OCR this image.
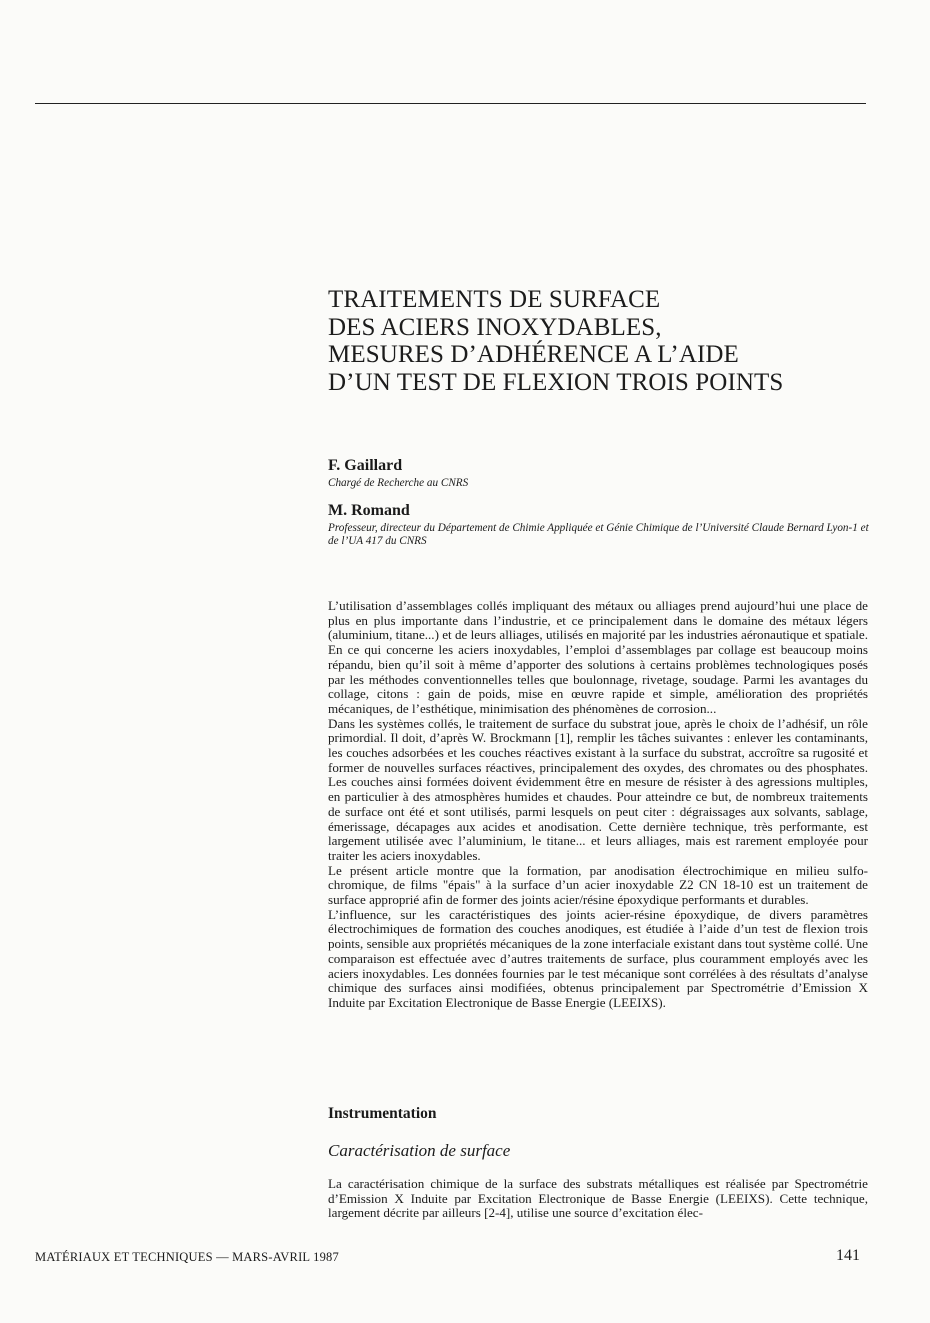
TRAITEMENTS DE SURFACE
DES ACIERS INOXYDABLES,
MESURES D’ADHÉRENCE A L’AIDE
D’UN TEST DE FLEXION TROIS POINTS

F. Gaillard

Chargé de Recherche au CNRS

M. Romand

Professeur, directeur du Département de Chimie Appliquée et Génie Chimique de l’Université Claude Bernard Lyon-1 et de l’UA 417 du CNRS

L’utilisation d’assemblages collés impliquant des métaux ou alliages prend aujourd’hui une place de plus en plus importante dans l’industrie, et ce principalement dans le domaine des métaux légers (aluminium, titane...) et de leurs alliages, utilisés en majorité par les industries aéronautique et spatiale. En ce qui concerne les aciers inoxydables, l’emploi d’assemblages par collage est beaucoup moins répandu, bien qu’il soit à même d’apporter des solutions à certains problèmes technologiques posés par les méthodes conventionnelles telles que boulonnage, rivetage, soudage. Parmi les avantages du collage, citons : gain de poids, mise en œuvre rapide et simple, amélioration des propriétés mécaniques, de l’esthétique, minimisation des phénomènes de corrosion...

Dans les systèmes collés, le traitement de surface du substrat joue, après le choix de l’adhésif, un rôle primordial. Il doit, d’après W. Brockmann [1], remplir les tâches suivantes : enlever les contaminants, les couches adsorbées et les couches réactives existant à la surface du substrat, accroître sa rugosité et former de nouvelles surfaces réactives, principalement des oxydes, des chromates ou des phosphates. Les couches ainsi formées doivent évidemment être en mesure de résister à des agressions multiples, en particulier à des atmosphères humides et chaudes. Pour atteindre ce but, de nombreux traitements de surface ont été et sont utilisés, parmi lesquels on peut citer : dégraissages aux solvants, sablage, émerissage, décapages aux acides et anodisation. Cette dernière technique, très performante, est largement utilisée avec l’aluminium, le titane... et leurs alliages, mais est rarement employée pour traiter les aciers inoxydables.

Le présent article montre que la formation, par anodisation électrochimique en milieu sulfo-chromique, de films "épais" à la surface d’un acier inoxydable Z2 CN 18-10 est un traitement de surface approprié afin de former des joints acier/résine époxydique performants et durables.

L’influence, sur les caractéristiques des joints acier-résine époxydique, de divers paramètres électrochimiques de formation des couches anodiques, est étudiée à l’aide d’un test de flexion trois points, sensible aux propriétés mécaniques de la zone interfaciale existant dans tout système collé. Une comparaison est effectuée avec d’autres traitements de surface, plus couramment employés avec les aciers inoxydables. Les données fournies par le test mécanique sont corrélées à des résultats d’analyse chimique des surfaces ainsi modifiées, obtenus principalement par Spectrométrie d’Emission X Induite par Excitation Electronique de Basse Energie (LEEIXS).

Instrumentation
Caractérisation de surface

La caractérisation chimique de la surface des substrats métalliques est réalisée par Spectrométrie d’Emission X Induite par Excitation Electronique de Basse Energie (LEEIXS). Cette technique, largement décrite par ailleurs [2-4], utilise une source d’excitation élec-

MATÉRIAUX ET TECHNIQUES — MARS-AVRIL 1987	141
